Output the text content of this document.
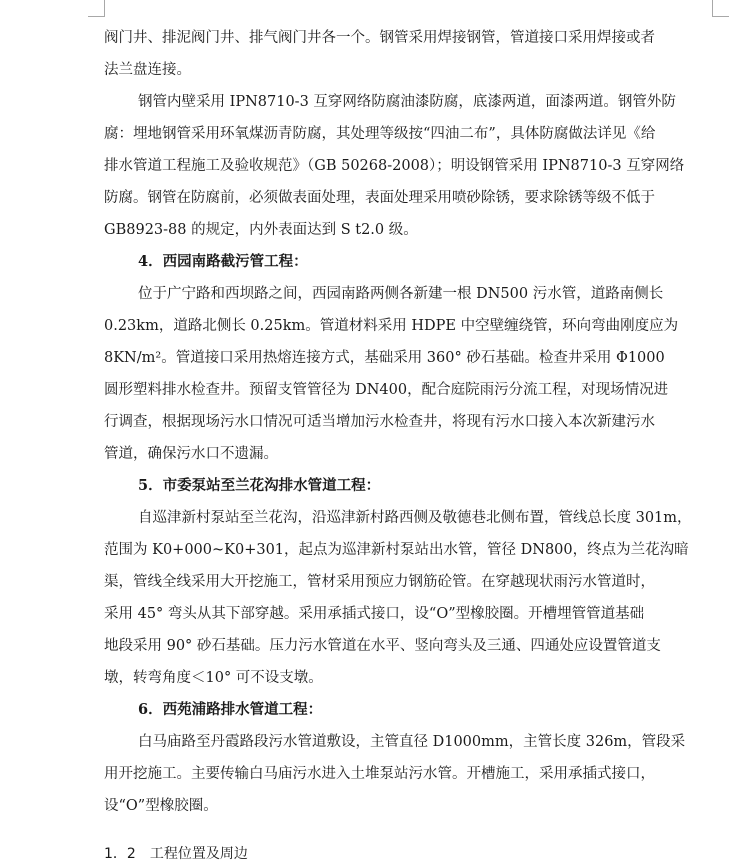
阀门井、排泥阀门井、排气阀门井各一个。钢管采用焊接钢管，管道接口采用焊接或者
法兰盘连接。
钢管内壁采用 IPN8710-3 互穿网络防腐油漆防腐，底漆两道，面漆两道。钢管外防
腐：埋地钢管采用环氧煤沥青防腐，其处理等级按“四油二布”，具体防腐做法详见《给
排水管道工程施工及验收规范》（GB 50268-2008）；明设钢管采用 IPN8710-3 互穿网络
防腐。钢管在防腐前，必须做表面处理，表面处理采用喷砂除锈，要求除锈等级不低于
GB8923-88 的规定，内外表面达到 S t2.0 级。
4．西园南路截污管工程：
位于广宁路和西坝路之间，西园南路两侧各新建一根 DN500 污水管，道路南侧长
0.23km，道路北侧长 0.25km。管道材料采用 HDPE 中空壁缠绕管，环向弯曲刚度应为
8KN/m²。管道接口采用热熔连接方式，基础采用 360° 砂石基础。检查井采用 Φ1000
圆形塑料排水检查井。预留支管管径为 DN400，配合庭院雨污分流工程，对现场情况进
行调查，根据现场污水口情况可适当增加污水检查井，将现有污水口接入本次新建污水
管道，确保污水口不遗漏。
5．市委泵站至兰花沟排水管道工程：
自巡津新村泵站至兰花沟，沿巡津新村路西侧及敬德巷北侧布置，管线总长度 301m，
范围为 K0+000~K0+301，起点为巡津新村泵站出水管，管径 DN800，终点为兰花沟暗
渠，管线全线采用大开挖施工，管材采用预应力钢筋砼管。在穿越现状雨污水管道时，
采用 45° 弯头从其下部穿越。采用承插式接口，设“O”型橡胶圈。开槽埋管管道基础
地段采用 90° 砂石基础。压力污水管道在水平、竖向弯头及三通、四通处应设置管道支
墩，转弯角度＜10° 可不设支墩。
6．西苑浦路排水管道工程：
白马庙路至丹霞路段污水管道敷设，主管直径 D1000mm，主管长度 326m，管段采
用开挖施工。主要传输白马庙污水进入土堆泵站污水管。开槽施工，采用承插式接口，
设“O”型橡胶圈。
1．2　工程位置及周边
